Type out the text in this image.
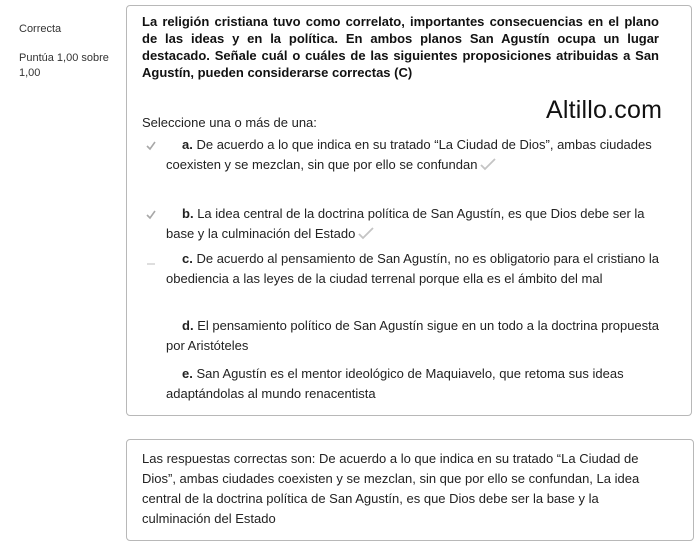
Correcta
Puntúa 1,00 sobre 1,00
La religión cristiana tuvo como correlato, importantes consecuencias en el plano de las ideas y en la política. En ambos planos San Agustín ocupa un lugar destacado. Señale cuál o cuáles de las siguientes proposiciones atribuidas a San Agustín, pueden considerarse correctas (C)
Altillo.com
Seleccione una o más de una:
a. De acuerdo a lo que indica en su tratado “La Ciudad de Dios”, ambas ciudades coexisten y se mezclan, sin que por ello se confundan
b. La idea central de la doctrina política de San Agustín, es que Dios debe ser la base y la culminación del Estado
c. De acuerdo al pensamiento de San Agustín, no es obligatorio para el cristiano la obediencia a las leyes de la ciudad terrenal porque ella es el ámbito del mal
d. El pensamiento político de San Agustín sigue en un todo a la doctrina propuesta por Aristóteles
e. San Agustín es el mentor ideológico de Maquiavelo, que retoma sus ideas adaptándolas al mundo renacentista
Las respuestas correctas son: De acuerdo a lo que indica en su tratado “La Ciudad de Dios”, ambas ciudades coexisten y se mezclan, sin que por ello se confundan, La idea central de la doctrina política de San Agustín, es que Dios debe ser la base y la culminación del Estado
